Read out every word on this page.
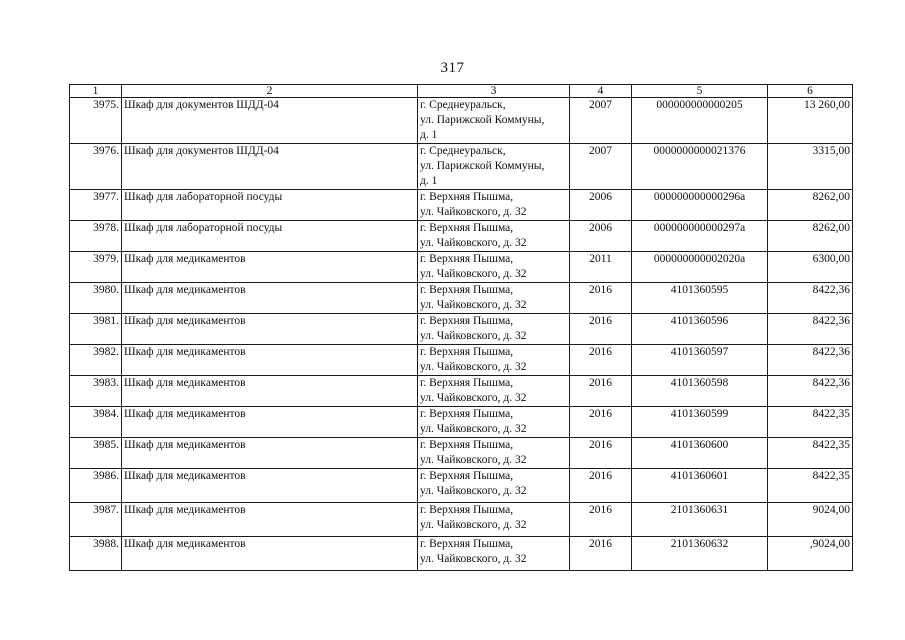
317
1	2	3	4	5	6
3975.	Шкаф для документов ШДД-04	г. Среднеуральск,
ул. Парижской Коммуны,
д. 1	2007	000000000000205	13 260,00
3976.	Шкаф для документов ШДД-04	г. Среднеуральск,
ул. Парижской Коммуны,
д. 1	2007	0000000000021376	3315,00
3977.	Шкаф для лабораторной посуды	г. Верхняя Пышма,
ул. Чайковского, д. 32	2006	000000000000296а	8262,00
3978.	Шкаф для лабораторной посуды	г. Верхняя Пышма,
ул. Чайковского, д. 32	2006	000000000000297а	8262,00
3979.	Шкаф для медикаментов	г. Верхняя Пышма,
ул. Чайковского, д. 32	2011	000000000002020а	6300,00
3980.	Шкаф для медикаментов	г. Верхняя Пышма,
ул. Чайковского, д. 32	2016	4101360595	8422,36
3981.	Шкаф для медикаментов	г. Верхняя Пышма,
ул. Чайковского, д. 32	2016	4101360596	8422,36
3982.	Шкаф для медикаментов	г. Верхняя Пышма,
ул. Чайковского, д. 32	2016	4101360597	8422,36
3983.	Шкаф для медикаментов	г. Верхняя Пышма,
ул. Чайковского, д. 32	2016	4101360598	8422,36
3984.	Шкаф для медикаментов	г. Верхняя Пышма,
ул. Чайковского, д. 32	2016	4101360599	8422,35
3985.	Шкаф для медикаментов	г. Верхняя Пышма,
ул. Чайковского, д. 32	2016	4101360600	8422,35
3986.	Шкаф для медикаментов	г. Верхняя Пышма,
ул. Чайковского, д. 32	2016	4101360601	8422,35
3987.	Шкаф для медикаментов	г. Верхняя Пышма,
ул. Чайковского, д. 32	2016	2101360631	9024,00
3988.	Шкаф для медикаментов	г. Верхняя Пышма,
ул. Чайковского, д. 32	2016	2101360632	,9024,00
